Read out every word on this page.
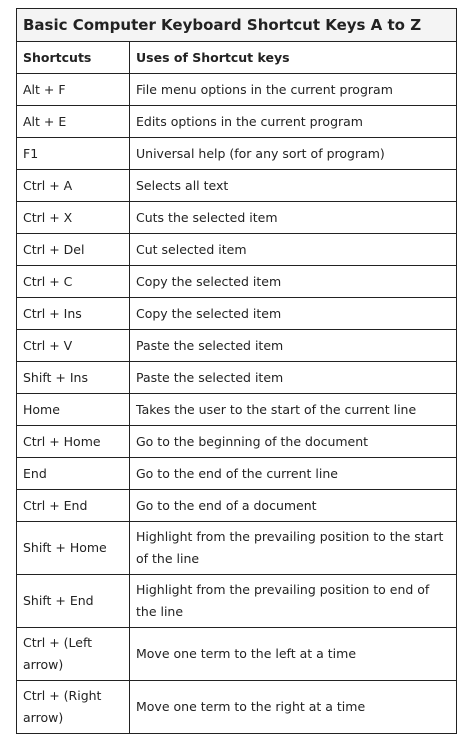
Basic Computer Keyboard Shortcut Keys A to Z	
Shortcuts	Uses of Shortcut keys
Alt + F	File menu options in the current program
Alt + E	Edits options in the current program
F1	Universal help (for any sort of program)
Ctrl + A	Selects all text
Ctrl + X	Cuts the selected item
Ctrl + Del	Cut selected item
Ctrl + C	Copy the selected item
Ctrl + Ins	Copy the selected item
Ctrl + V	Paste the selected item
Shift + Ins	Paste the selected item
Home	Takes the user to the start of the current line
Ctrl + Home	Go to the beginning of the document
End	Go to the end of the current line
Ctrl + End	Go to the end of a document
Shift + Home	Highlight from the prevailing position to the start of the line
Shift + End	Highlight from the prevailing position to end of the line
Ctrl + (Left arrow)	Move one term to the left at a time
Ctrl + (Right arrow)	Move one term to the right at a time
